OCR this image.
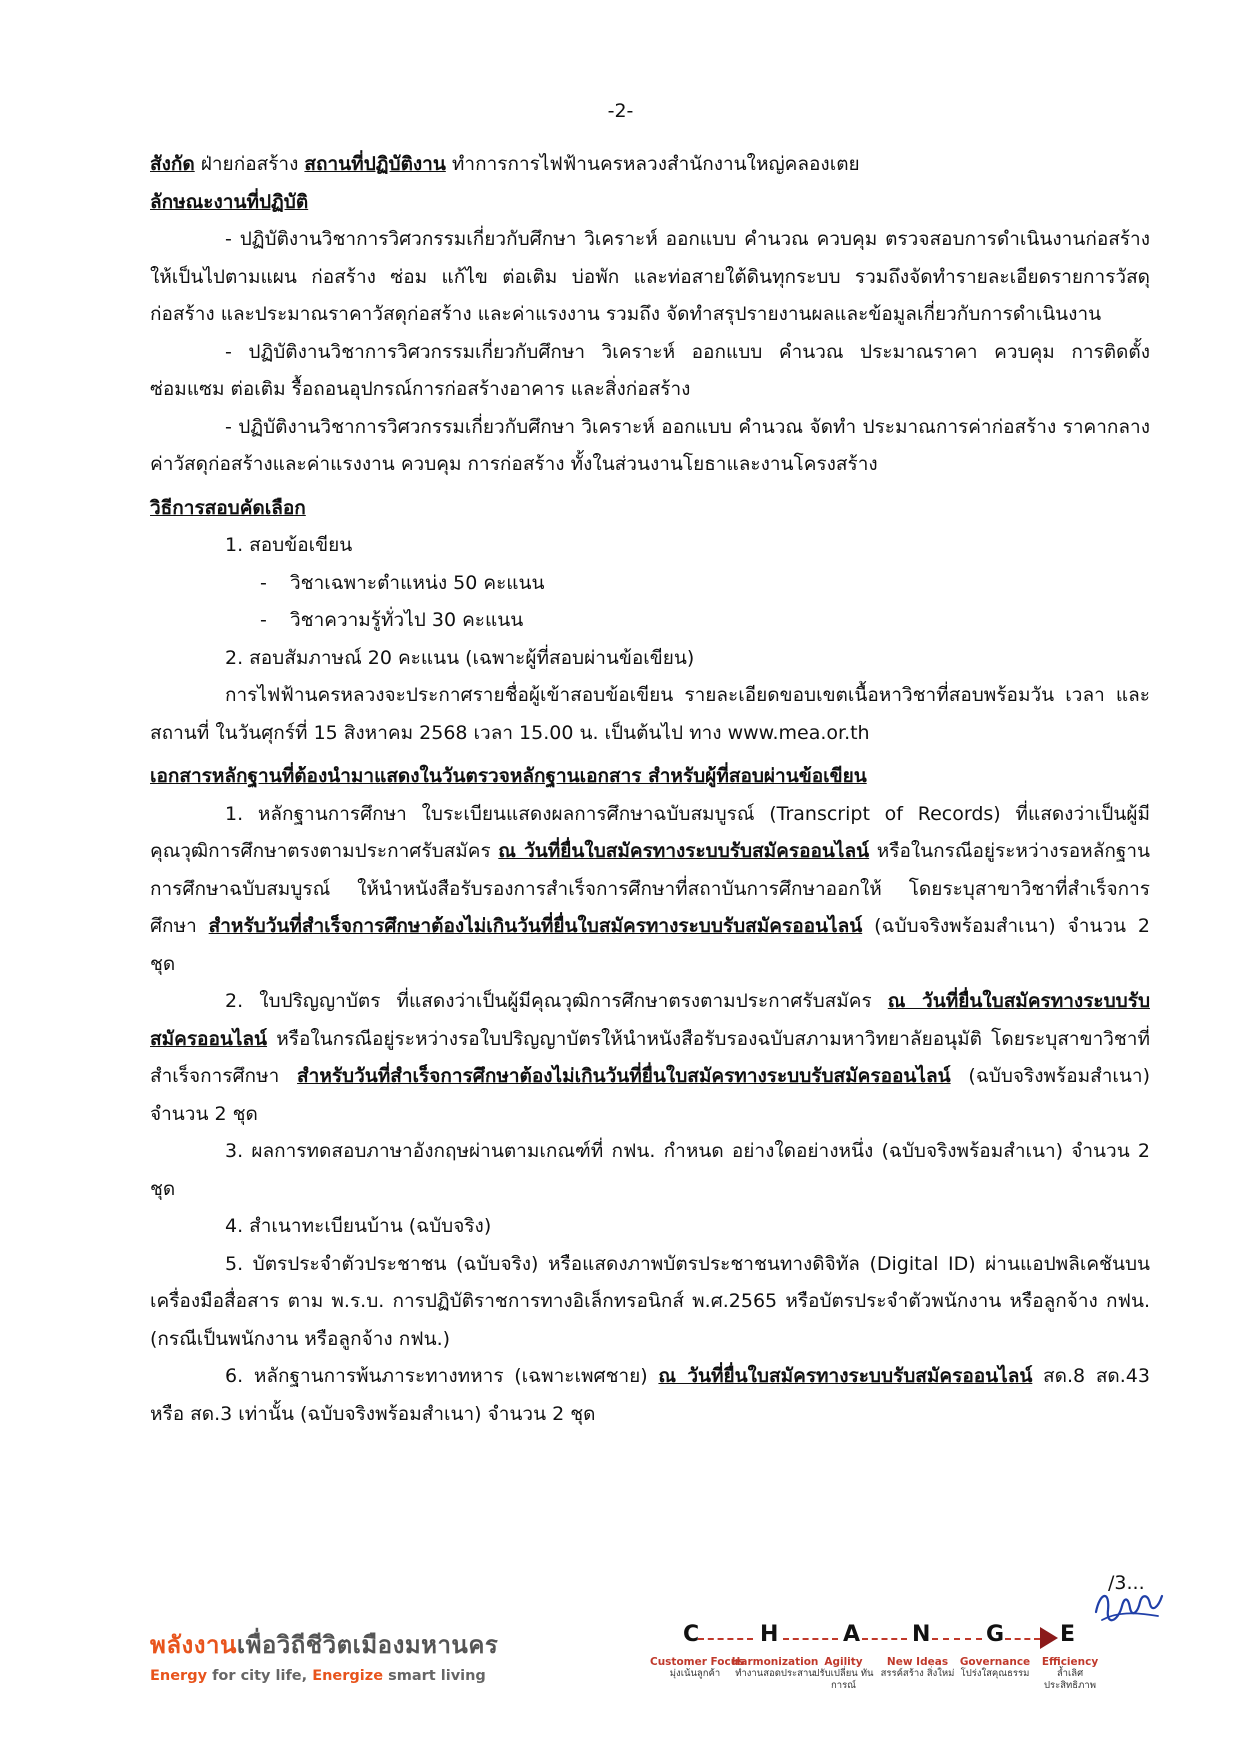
-2-

สังกัด ฝ่ายก่อสร้าง สถานที่ปฏิบัติงาน ทำการการไฟฟ้านครหลวงสำนักงานใหญ่คลองเตย

ลักษณะงานที่ปฏิบัติ

- ปฏิบัติงานวิชาการวิศวกรรมเกี่ยวกับศึกษา วิเคราะห์ ออกแบบ คำนวณ ควบคุม ตรวจสอบการดำเนินงานก่อสร้างให้เป็นไปตามแผน ก่อสร้าง ซ่อม แก้ไข ต่อเติม บ่อพัก และท่อสายใต้ดินทุกระบบ รวมถึงจัดทำรายละเอียดรายการวัสดุก่อสร้าง และประมาณราคาวัสดุก่อสร้าง และค่าแรงงาน รวมถึง จัดทำสรุปรายงานผลและข้อมูลเกี่ยวกับการดำเนินงาน

- ปฏิบัติงานวิชาการวิศวกรรมเกี่ยวกับศึกษา วิเคราะห์ ออกแบบ คำนวณ ประมาณราคา ควบคุม การติดตั้ง ซ่อมแซม ต่อเติม รื้อถอนอุปกรณ์การก่อสร้างอาคาร และสิ่งก่อสร้าง

- ปฏิบัติงานวิชาการวิศวกรรมเกี่ยวกับศึกษา วิเคราะห์ ออกแบบ คำนวณ จัดทำ ประมาณการค่าก่อสร้าง ราคากลางค่าวัสดุก่อสร้างและค่าแรงงาน ควบคุม การก่อสร้าง ทั้งในส่วนงานโยธาและงานโครงสร้าง

วิธีการสอบคัดเลือก

1. สอบข้อเขียน

- วิชาเฉพาะตำแหน่ง 50 คะแนน

- วิชาความรู้ทั่วไป 30 คะแนน

2. สอบสัมภาษณ์ 20 คะแนน (เฉพาะผู้ที่สอบผ่านข้อเขียน)

การไฟฟ้านครหลวงจะประกาศรายชื่อผู้เข้าสอบข้อเขียน รายละเอียดขอบเขตเนื้อหาวิชาที่สอบพร้อมวัน เวลา และสถานที่ ในวันศุกร์ที่ 15 สิงหาคม 2568 เวลา 15.00 น. เป็นต้นไป ทาง www.mea.or.th

เอกสารหลักฐานที่ต้องนำมาแสดงในวันตรวจหลักฐานเอกสาร สำหรับผู้ที่สอบผ่านข้อเขียน

1. หลักฐานการศึกษา ใบระเบียนแสดงผลการศึกษาฉบับสมบูรณ์ (Transcript of Records) ที่แสดงว่าเป็นผู้มีคุณวุฒิการศึกษาตรงตามประกาศรับสมัคร ณ วันที่ยื่นใบสมัครทางระบบรับสมัครออนไลน์ หรือในกรณีอยู่ระหว่างรอหลักฐานการศึกษาฉบับสมบูรณ์ ให้นำหนังสือรับรองการสำเร็จการศึกษาที่สถาบันการศึกษาออกให้ โดยระบุสาขาวิชาที่สำเร็จการศึกษา สำหรับวันที่สำเร็จการศึกษาต้องไม่เกินวันที่ยื่นใบสมัครทางระบบรับสมัครออนไลน์ (ฉบับจริงพร้อมสำเนา) จำนวน 2 ชุด

2. ใบปริญญาบัตร ที่แสดงว่าเป็นผู้มีคุณวุฒิการศึกษาตรงตามประกาศรับสมัคร ณ วันที่ยื่นใบสมัครทางระบบรับสมัครออนไลน์ หรือในกรณีอยู่ระหว่างรอใบปริญญาบัตรให้นำหนังสือรับรองฉบับสภามหาวิทยาลัยอนุมัติ โดยระบุสาขาวิชาที่สำเร็จการศึกษา สำหรับวันที่สำเร็จการศึกษาต้องไม่เกินวันที่ยื่นใบสมัครทางระบบรับสมัครออนไลน์ (ฉบับจริงพร้อมสำเนา) จำนวน 2 ชุด

3. ผลการทดสอบภาษาอังกฤษผ่านตามเกณฑ์ที่ กฟน. กำหนด อย่างใดอย่างหนึ่ง (ฉบับจริงพร้อมสำเนา) จำนวน 2 ชุด

4. สำเนาทะเบียนบ้าน (ฉบับจริง)

5. บัตรประจำตัวประชาชน (ฉบับจริง) หรือแสดงภาพบัตรประชาชนทางดิจิทัล (Digital ID) ผ่านแอปพลิเคชันบนเครื่องมือสื่อสาร ตาม พ.ร.บ. การปฏิบัติราชการทางอิเล็กทรอนิกส์ พ.ศ.2565 หรือบัตรประจำตัวพนักงาน หรือลูกจ้าง กฟน. (กรณีเป็นพนักงาน หรือลูกจ้าง กฟน.)

6. หลักฐานการพ้นภาระทางทหาร (เฉพาะเพศชาย) ณ วันที่ยื่นใบสมัครทางระบบรับสมัครออนไลน์ สด.8 สด.43 หรือ สด.3 เท่านั้น (ฉบับจริงพร้อมสำเนา) จำนวน 2 ชุด

/3...
พลังงานเพื่อวิถีชีวิตเมืองมหานคร
Energy for city life, Energize smart living
C	H	A N	G	E
Customer Focus
มุ่งเน้นลูกค้า
Harmonization
ทำงานสอดประสาน
Agility
ปรับเปลี่ยน ทันการณ์
New Ideas
สรรค์สร้าง สิ่งใหม่
Governance
โปร่งใสคุณธรรม
Efficiency
ล้ำเลิศ ประสิทธิภาพ
